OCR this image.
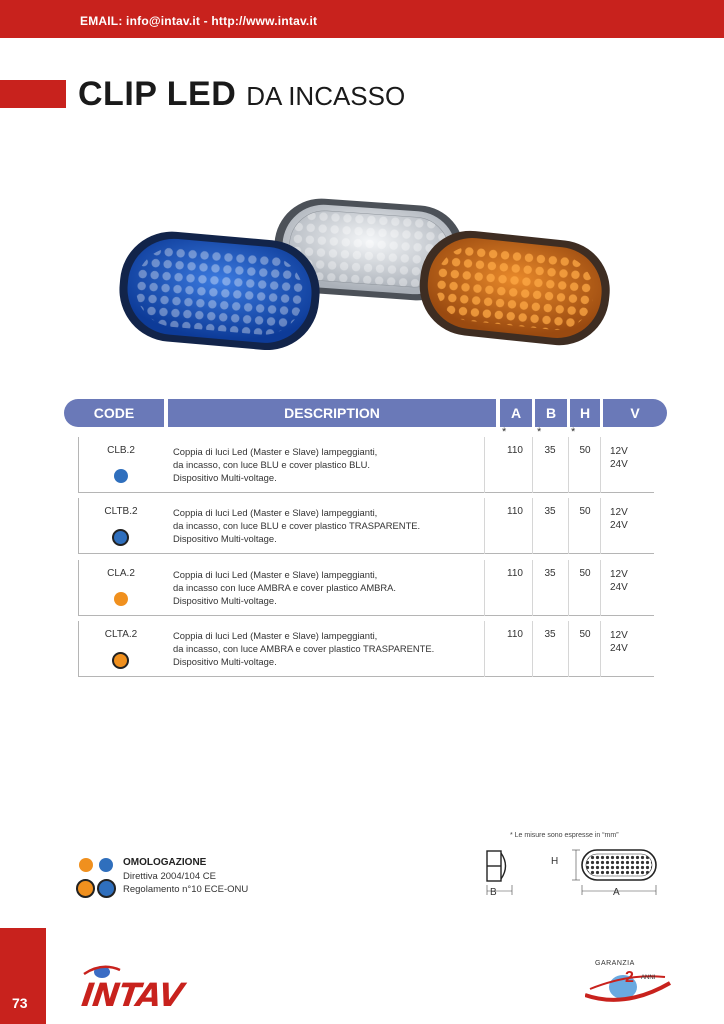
EMAIL: info@intav.it - http://www.intav.it
CLIP LED DA INCASSO
CODE	DESCRIPTION	A	B	H	V
*	*	*
CLB.2	Coppia di luci Led (Master e Slave) lampeggianti,
da incasso, con luce BLU e cover plastico BLU.
Dispositivo Multi-voltage.
110	35	50	12V
24V
CLTB.2	Coppia di luci Led (Master e Slave) lampeggianti,
da incasso, con luce BLU e cover plastico TRASPARENTE.
Dispositivo Multi-voltage.
110	35	50	12V
24V
CLA.2	Coppia di luci Led (Master e Slave) lampeggianti,
da incasso con luce AMBRA e cover plastico AMBRA.
Dispositivo Multi-voltage.
110	35	50	12V
24V
CLTA.2	Coppia di luci Led (Master e Slave) lampeggianti,
da incasso, con luce AMBRA e cover plastico TRASPARENTE.
Dispositivo Multi-voltage.
110	35	50	12V
24V
* Le misure sono espresse in “mm”
B
H
A
OMOLOGAZIONE
Direttiva 2004/104 CE
Regolamento n°10 ECE-ONU
73 INTAV
GARANZIA
2 ANNI
